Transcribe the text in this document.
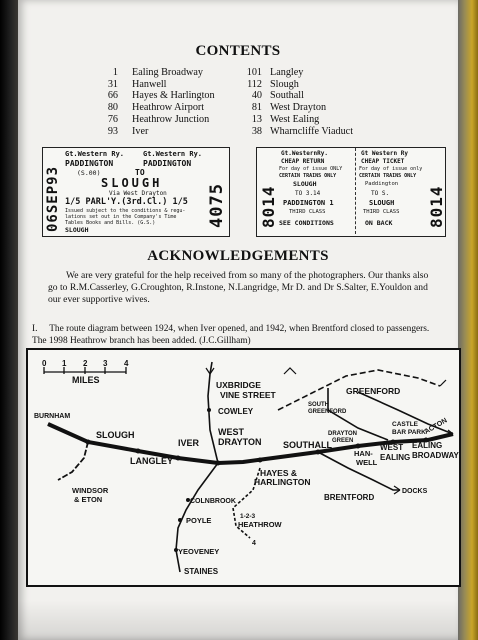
CONTENTS
1 Ealing Broadway
31 Hanwell
66 Hayes & Harlington
80 Heathrow Airport
76 Heathrow Junction
93 Iver
101 Langley
112 Slough
40 Southall
81 West Drayton
13 West Ealing
38 Wharncliffe Viaduct
06SEP93
Gt.Western Ry.	Gt.Western Ry.
PADDINGTON	PADDINGTON
(S.00)	TO
SLOUGH
Via West Drayton
1/5 PARL'Y.(3rd.Cl.) 1/5
Issued subject to the conditions & regu- lations set out in the Company's Time Tables Books and Bills. (G.S.)
SLOUGH
4075 8014
Gt.WesternRy.
CHEAP RETURN
For day of issue ONLY
CERTAIN TRAINS ONLY
SLOUGH
TO 3.14
PADDINGTON 1
THIRD CLASS
SEE CONDITIONS
Gt Western Ry
CHEAP TICKET
For day of issue only
CERTAIN TRAINS ONLY
Paddington
TO S.
SLOUGH
THIRD CLASS
ON BACK 8014
ACKNOWLEDGEMENTS
We are very grateful for the help received from so many of the photographers. Our thanks also go to R.M.Casserley, G.Croughton, R.Instone, N.Langridge, Mr D. and Dr S.Salter, E.Youldon and our ever supportive wives.
I. The route diagram between 1924, when Iver opened, and 1942, when Brentford closed to passengers. The 1998 Heathrow branch has been added. (J.C.Gillham)
0 1 2 3 4
MILES
BURNHAM
SLOUGH
LANGLEY
WINDSOR
& ETON
IVER
UXBRIDGE
VINE STREET
COWLEY
WEST
DRAYTON SOUTHALL
HAYES &
HARLINGTON
COLNBROOK
POYLE	1-2-3
HEATHROW
4
YEOVENEY
STAINES
GREENFORD
SOUTH
GREENFORD
CASTLE
BAR PARK
DRAYTON
GREEN
HAN-
WELL
WEST
EALING
EALING
BROADWAY
ACTON
BRENTFORD
DOCKS
